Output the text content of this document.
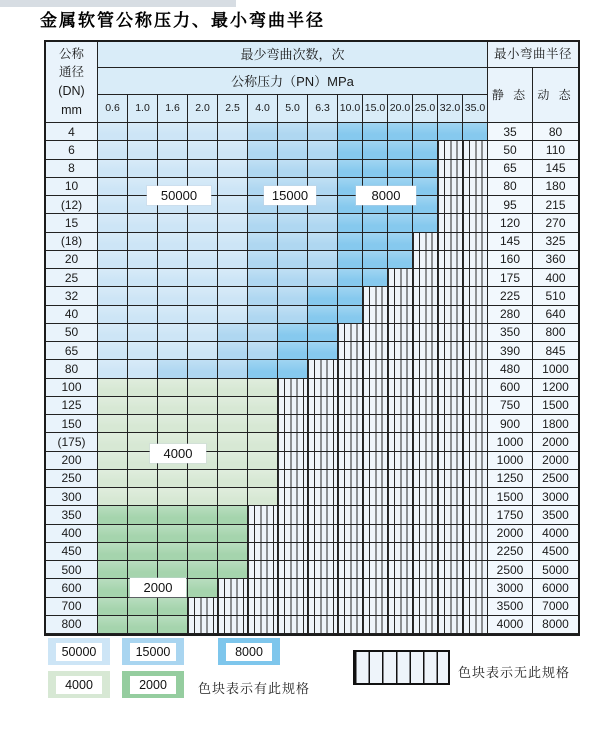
金属软管公称压力、最小弯曲半径
公称
通径
(DN)
mm
最少弯曲次数，次	最小弯曲半径
公称压力（PN）MPa
静 态 动 态
0.6	1.0	1.6	2.0	2.5	4.0	5.0	6.3 10.0 15.0 20.0 25.0 32.0 35.0
4	35	80
6	50	110
8	65	145
10	80	180
(12)	95	215
15	120	270
(18)	145	325
20	160	360
25	175	400
32	225	510
40	280	640
50	350	800
65	390	845
80	480	1000
100	600	1200
125	750	1500
150	900	1800
(175)	1000	2000
200	1000	2000
250	1250	2500
300	1500	3000
350	1750	3500
400	2000	4000
450	2250	4500
500	2500	5000
600	3000	6000
700	3500	7000
800	4000	8000
50000	15000	8000
4000
2000
50000	15000	8000
4000	2000	色块表示有此规格
色块表示无此规格
